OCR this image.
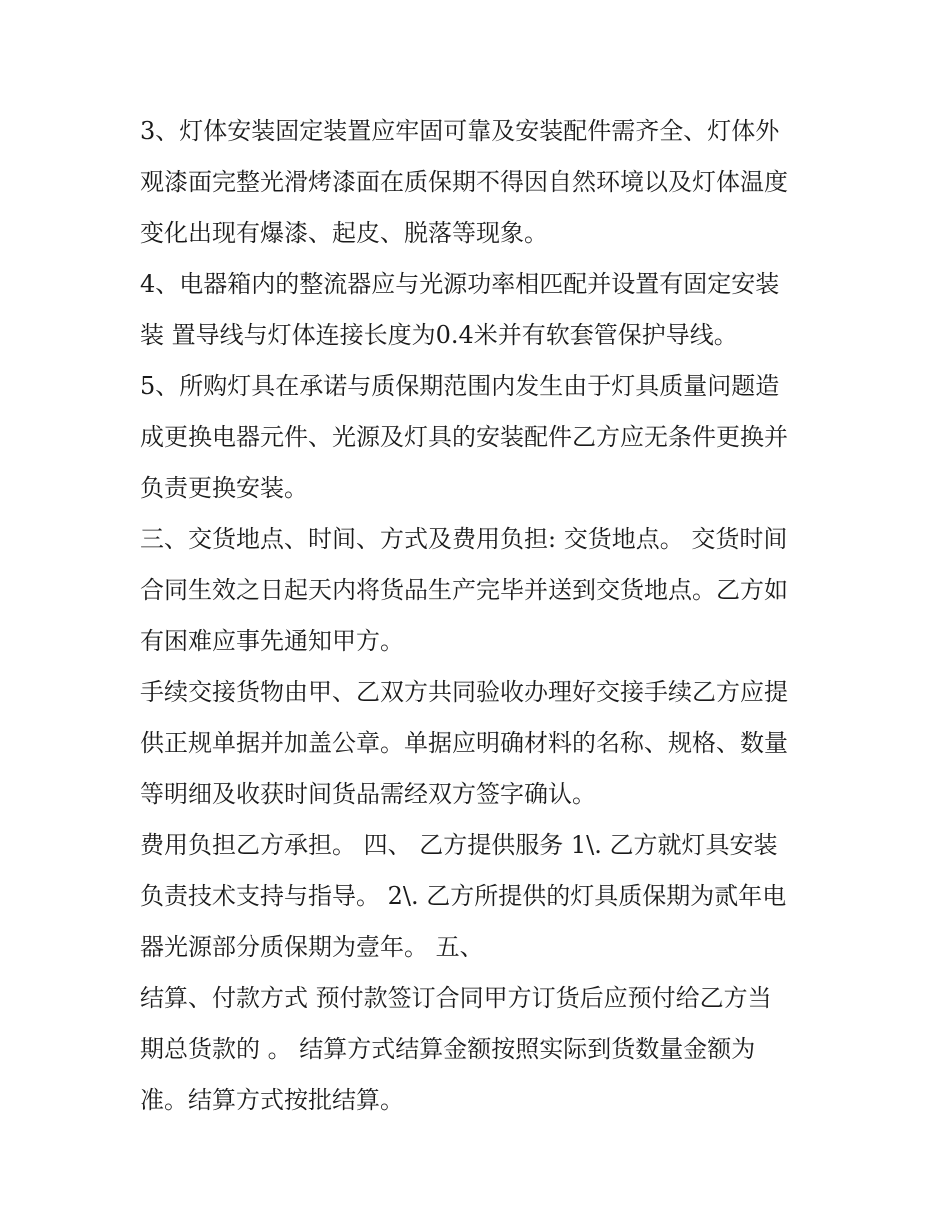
3、灯体安装固定装置应牢固可靠及安装配件需齐全、灯体外
观漆面完整光滑烤漆面在质保期不得因自然环境以及灯体温度
变化出现有爆漆、起皮、脱落等现象。
4、电器箱内的整流器应与光源功率相匹配并设置有固定安装
装 置导线与灯体连接长度为0.4米并有软套管保护导线。
5、所购灯具在承诺与质保期范围内发生由于灯具质量问题造
成更换电器元件、光源及灯具的安装配件乙方应无条件更换并
负责更换安装。
三、交货地点、时间、方式及费用负担: 交货地点。 交货时间
合同生效之日起天内将货品生产完毕并送到交货地点。乙方如
有困难应事先通知甲方。
手续交接货物由甲、乙双方共同验收办理好交接手续乙方应提
供正规单据并加盖公章。单据应明确材料的名称、规格、数量
等明细及收获时间货品需经双方签字确认。
费用负担乙方承担。 四、 乙方提供服务 1\. 乙方就灯具安装
负责技术支持与指导。 2\. 乙方所提供的灯具质保期为贰年电
器光源部分质保期为壹年。 五、
结算、付款方式 预付款签订合同甲方订货后应预付给乙方当
期总货款的 。 结算方式结算金额按照实际到货数量金额为
准。结算方式按批结算。
